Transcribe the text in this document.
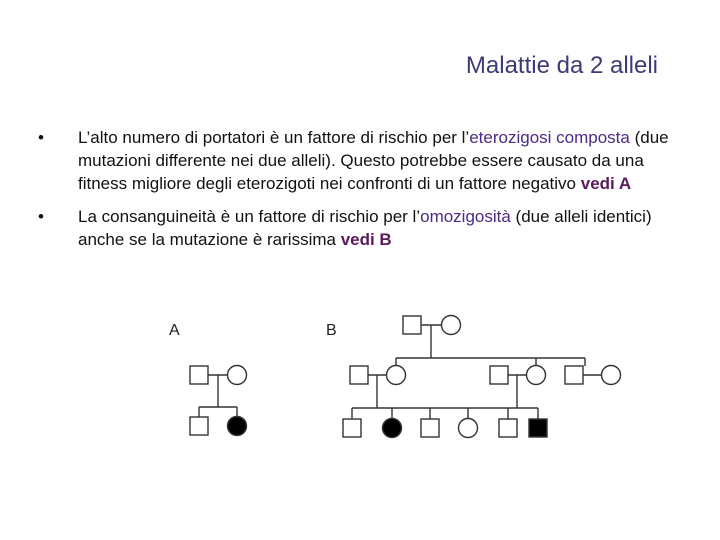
Malattie da 2 alleli
• L’alto numero di portatori è un fattore di rischio per l’eterozigosi composta (due mutazioni differente nei due alleli). Questo potrebbe essere causato da una fitness migliore degli eterozigoti nei confronti di un fattore negativo vedi A
• La consanguineità è un fattore di rischio per l’omozigosità (due alleli identici) anche se la mutazione è rarissima vedi B
A	B
